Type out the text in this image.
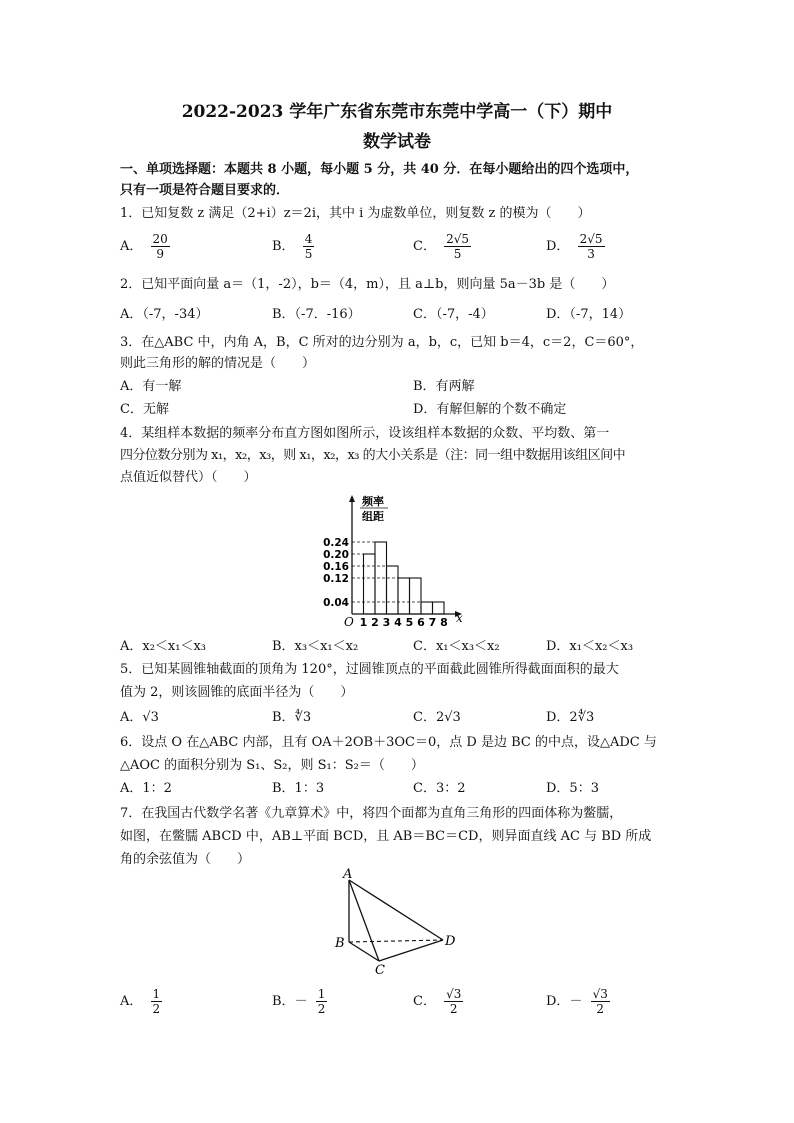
2022-2023 学年广东省东莞市东莞中学高一（下）期中
数学试卷
一、单项选择题：本题共 8 小题，每小题 5 分，共 40 分．在每小题给出的四个选项中，
只有一项是符合题目要求的．
1．已知复数 z 满足（2+i）z＝2i，其中 i 为虚数单位，则复数 z 的模为（　　）
A． $\frac{20}{9}$	B． $\frac{4}{5}$	C． $\frac{2√5}{5}$	D． $\frac{2√5}{3}$
2．已知平面向量 a＝（1，-2），b＝（4，m），且 a⊥b，则向量 5a－3b 是（　　）
A．（-7，-34）	B．（-7．-16）	C．（-7，-4）	D．（-7，14）
3．在△ABC 中，内角 A，B，C 所对的边分别为 a，b，c，已知 b＝4，c＝2，C＝60°，
则此三角形的解的情况是（　　）
A．有一解	B．有两解
C．无解	D．有解但解的个数不确定
4．某组样本数据的频率分布直方图如图所示，设该组样本数据的众数、平均数、第一
四分位数分别为 x₁，x₂，x₃，则 x₁，x₂，x₃ 的大小关系是（注：同一组中数据用该组区间中
点值近似替代）（　　）
0.24
0.20
0.16
0.12
0.04
1 2 3 4 5 6 7 8
频率
组距
O	x
A．x₂＜x₁＜x₃	B．x₃＜x₁＜x₂	C．x₁＜x₃＜x₂	D．x₁＜x₂＜x₃
5．已知某圆锥轴截面的顶角为 120°，过圆锥顶点的平面截此圆锥所得截面面积的最大
值为 2，则该圆锥的底面半径为（　　）
A．√3	B．∜3	C．2√3	D．2∜3
6．设点 O 在△ABC 内部，且有 OA＋2OB＋3OC＝0，点 D 是边 BC 的中点，设△ADC 与
△AOC 的面积分别为 S₁、S₂，则 S₁：S₂＝（　　）
A．1：2	B．1：3	C．3：2	D．5：3
7．在我国古代数学名著《九章算术》中，将四个面都为直角三角形的四面体称为鳖臑，
如图，在鳖臑 ABCD 中，AB⊥平面 BCD，且 AB＝BC＝CD，则异面直线 AC 与 BD 所成
角的余弦值为（　　）
A
B
C
D
A． $\frac{1}{2}$	B．－ $\frac{1}{2}$	C． $\frac{√3}{2}$	D．－ $\frac{√3}{2}$
